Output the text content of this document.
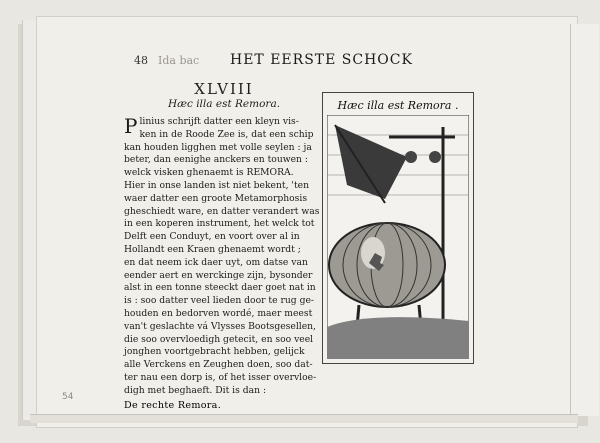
48 Ida bac HET EERSTE SCHOCK
XLVIII
Hæc illa est Remora.
P linius schrijft datter een kleyn vis-
ken in de Roode Zee is, dat een schip
kan houden ligghen met volle seylen : ja
beter, dan eenighe anckers en touwen :
welck visken ghenaemt is REMORA.
Hier in onse landen ist niet bekent, 'ten
waer datter een groote Metamorphosis
gheschiedt ware, en datter verandert was
in een koperen instrument, het welck tot
Delft een Conduyt, en voort over al in
Hollandt een Kraen ghenaemt wordt ;
en dat neem ick daer uyt, om datse van
eender aert en werckinge zijn, bysonder
alst in een tonne steeckt daer goet nat in
is : soo datter veel lieden door te rug ge-
houden en bedorven wordé, maer meest
van't geslachte vá Vlysses Bootsgesellen,
die soo overvloedigh getecit, en soo veel
jonghen voortgebracht hebben, gelijck
alle Verckens en Zeughen doen, soo dat-
ter nau een dorp is, of het isser overvloe-
digh met beghaeft. Dit is dan :
De rechte Remora.
Hæc illa est Remora .
54
